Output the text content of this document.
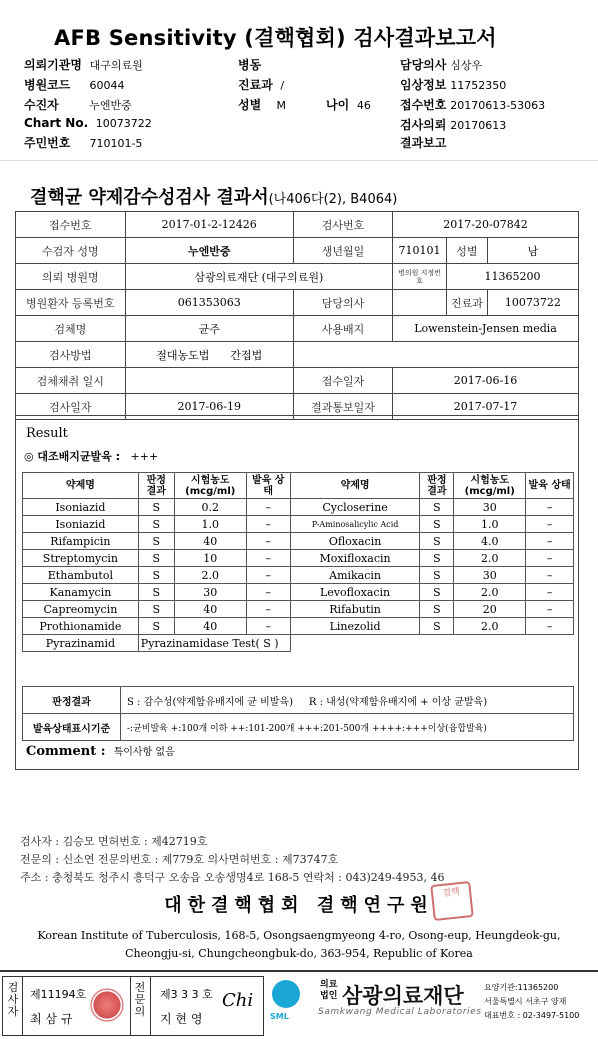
AFB Sensitivity (결핵협회) 검사결과보고서
의뢰기관명 대구의료원	병동	담당의사 심상우
병원코드 60044	진료과 /	임상정보 11752350
수진자	누엔반중	성별 M	나이 46 접수번호 20170613-53063
Chart No. 10073722	검사의뢰 20170613
주민번호 710101-5	결과보고
결핵균 약제감수성검사 결과서(나406다(2), B4064)
접수번호	2017-01-2-12426	검사번호	2017-20-07842		
수검자 성명	누엔반중	생년월일	710101	성별	남
의뢰 병원명	삼광의료재단 (대구의료원)		병의원 지정번호	11365200	
병원환자 등록번호	061353063	담당의사		진료과	10073722
검체명	균주	사용배지	Lowenstein-Jensen media		
검사방법	절대농도법 간접법				
검체채취 일시		접수일자	2017-06-16		
검사일자	2017-06-19	결과통보일자	2017-07-17		
Result
◎ 대조배지균발육 : +++
약제명	판정 결과	시험농도 (mcg/ml)	발육 상태	약제명	판정 결과	시험농도 (mcg/ml)	발육 상태
Isoniazid	S	0.2	–	Cycloserine	S	30	–
Isoniazid	S	1.0	–	P-Aminosalicylic Acid	S	1.0	–
Rifampicin	S	40	–	Ofloxacin	S	4.0	–
Streptomycin	S	10	–	Moxifloxacin	S	2.0	–
Ethambutol	S	2.0	–	Amikacin	S	30	–
Kanamycin	S	30	–	Levofloxacin	S	2.0	–
Capreomycin	S	40	–	Rifabutin	S	20	–
Prothionamide	S	40	–	Linezolid	S	2.0	–
Pyrazinamid	Pyrazinamidase Test( S )						
판정결과	S : 감수성(약제함유배지에 균 비발육) R : 내성(약제함유배지에 + 이상 균발육)
발육상태표시기준	-:균비발육 +:100개 이하 ++:101-200개 +++:201-500개 ++++:+++이상(융합발육)
Comment : 특이사항 없음
검사자 : 김승모 면허번호 : 제42719호
전문의 : 신소연 전문의번호 : 제779호 의사면허번호 : 제73747호
주소 : 충청북도 청주시 흥덕구 오송읍 오송생명4로 168-5 연락처 : 043)249-4953, 46
대한결핵협회 결핵연구원
결핵
Korean Institute of Tuberculosis, 168-5, Osongsaengmyeong 4-ro, Osong-eup, Heungdeok-gu,
Cheongju-si, Chungcheongbuk-do, 363-954, Republic of Korea
검사자
제11194호
최 삼 규
전문의
제3 3 3 호
지 현 영
Chi
SML
의료 법인 삼광의료재단
Samkwang Medical Laboratories
요양기관:11365200
서울특별시 서초구 양재
대표번호 : 02-3497-5100
